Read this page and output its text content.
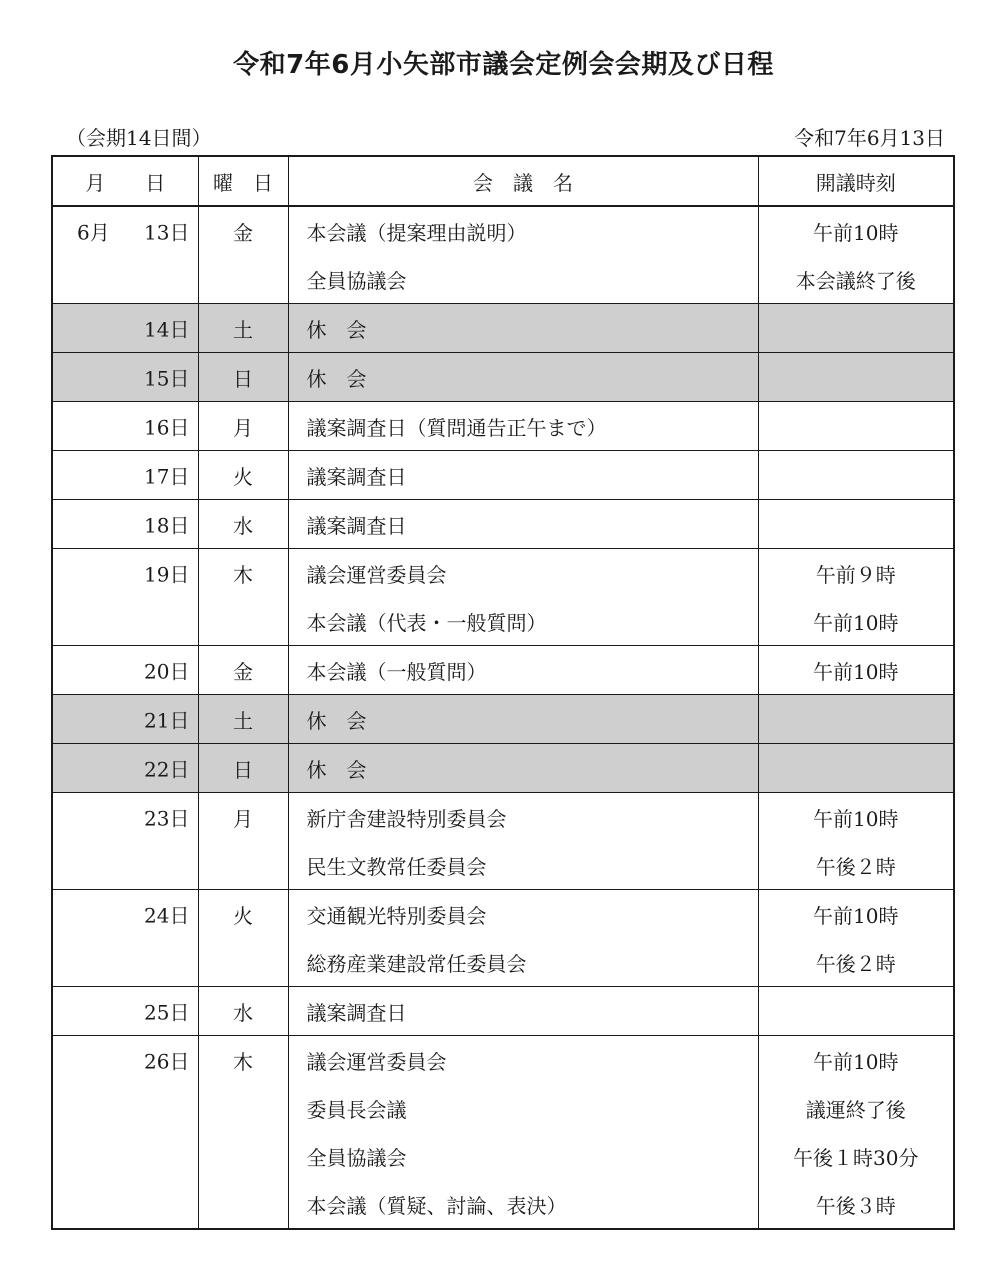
令和7年6月小矢部市議会定例会会期及び日程
（会期14日間）	令和7年6月13日
月　　日	曜　日	会　議　名	開議時刻

6月 13日	金	本会議（提案理由説明）	午前10時

		全員協議会	本会議終了後

14日	土	休　会	

15日	日	休　会	

16日	月	議案調査日（質問通告正午まで）	

17日	火	議案調査日	

18日	水	議案調査日	

19日	木	議会運営委員会	午前９時

		本会議（代表・一般質問）	午前10時

20日	金	本会議（一般質問）	午前10時

21日	土	休　会	

22日	日	休　会	

23日	月	新庁舎建設特別委員会	午前10時

		民生文教常任委員会	午後２時

24日	火	交通観光特別委員会	午前10時

		総務産業建設常任委員会	午後２時

25日	水	議案調査日	

26日	木	議会運営委員会	午前10時

		委員長会議	議運終了後

		全員協議会	午後１時30分

		本会議（質疑、討論、表決）	午後３時
